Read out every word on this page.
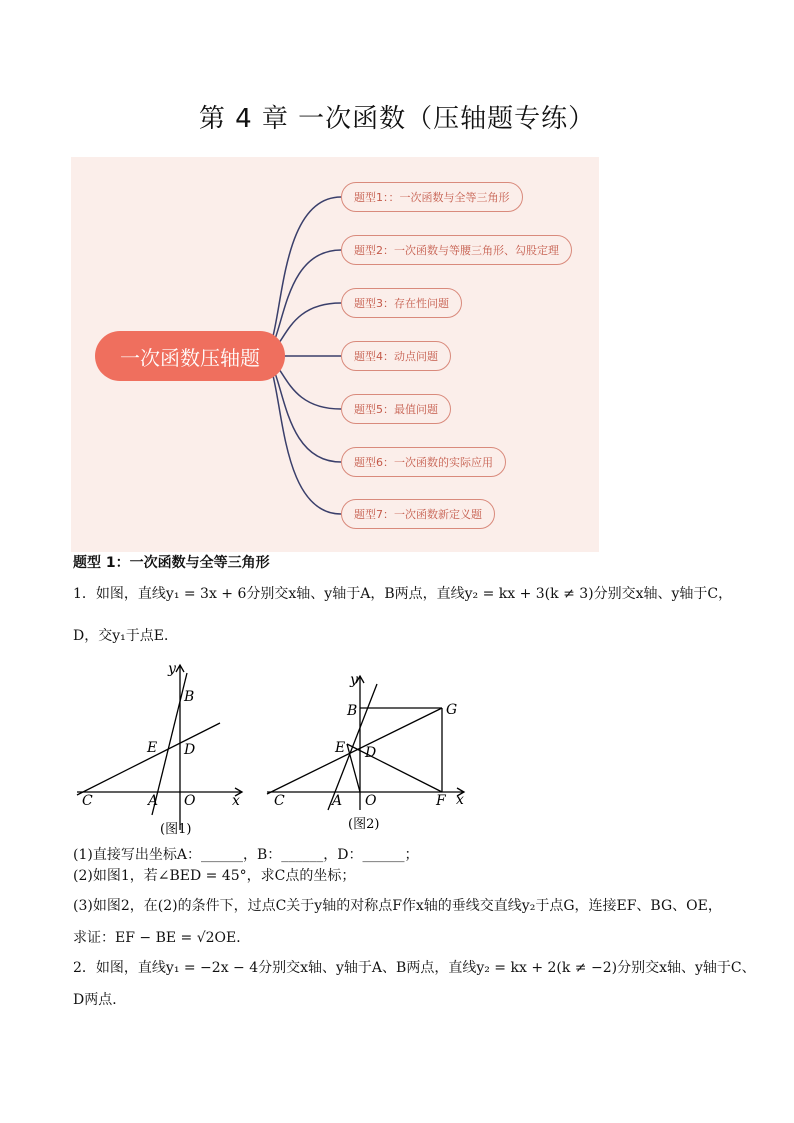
第 4 章 一次函数（压轴题专练）
一次函数压轴题
题型1：：一次函数与全等三角形
题型2：一次函数与等腰三角形、勾股定理
题型3：存在性问题
题型4：动点问题
题型5：最值问题
题型6：一次函数的实际应用
题型7：一次函数新定义题
题型 1：一次函数与全等三角形
1．如图，直线y₁ = 3x + 6分别交x轴、y轴于A，B两点，直线y₂ = kx + 3(k ≠ 3)分别交x轴、y轴于C，
D，交y₁于点E．
y
x
B
E D
C	A O
(图1)
y
x
B	G
E D
C	A O	F
(图2)
(1)直接写出坐标A：______，B：______，D：______；
(2)如图1，若∠BED = 45°，求C点的坐标；
(3)如图2，在(2)的条件下，过点C关于y轴的对称点F作x轴的垂线交直线y₂于点G，连接EF、BG、OE，
求证：EF − BE = √2OE．
2．如图，直线y₁ = −2x − 4分别交x轴、y轴于A、B两点，直线y₂ = kx + 2(k ≠ −2)分别交x轴、y轴于C、
D两点．
